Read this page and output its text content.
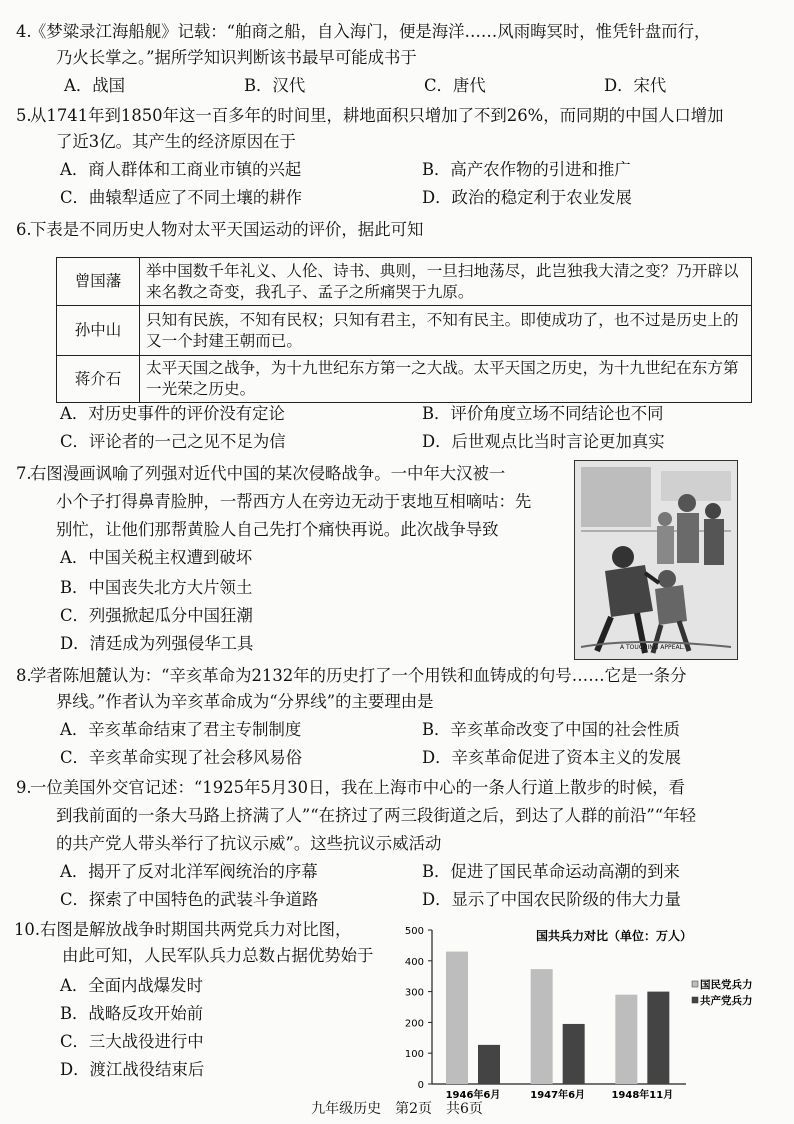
4.
《梦粱录江海船舰》记载：“舶商之船，自入海门，便是海洋……风雨晦冥时，惟凭针盘而行，
乃火长掌之。”据所学知识判断该书最早可能成书于
A．战国	B．汉代	C．唐代	D．宋代
5.
从1741年到1850年这一百多年的时间里，耕地面积只增加了不到26%，而同期的中国人口增加
了近3亿。其产生的经济原因在于
A．商人群体和工商业市镇的兴起	B．高产农作物的引进和推广
C．曲辕犁适应了不同土壤的耕作	D．政治的稳定利于农业发展
6.
下表是不同历史人物对太平天国运动的评价，据此可知
曾国藩	举中国数千年礼义、人伦、诗书、典则，一旦扫地荡尽，此岂独我大清之变？乃开辟以来名教之奇变，我孔子、孟子之所痛哭于九原。
孙中山	只知有民族，不知有民权；只知有君主，不知有民主。即使成功了，也不过是历史上的又一个封建王朝而已。
蒋介石	太平天国之战争，为十九世纪东方第一之大战。太平天国之历史，为十九世纪在东方第一光荣之历史。
A．对历史事件的评价没有定论	B．评价角度立场不同结论也不同
C．评论者的一己之见不足为信	D．后世观点比当时言论更加真实
7.
右图漫画讽喻了列强对近代中国的某次侵略战争。一中年大汉被一
小个子打得鼻青脸肿，一帮西方人在旁边无动于衷地互相嘀咕：先
别忙，让他们那帮黄脸人自己先打个痛快再说。此次战争导致
A．中国关税主权遭到破坏
B．中国丧失北方大片领土
C．列强掀起瓜分中国狂潮
D．清廷成为列强侵华工具	A TOUCHING APPEAL.
8.
学者陈旭麓认为：“辛亥革命为2132年的历史打了一个用铁和血铸成的句号……它是一条分
界线。”作者认为辛亥革命成为“分界线”的主要理由是
A．辛亥革命结束了君主专制制度	B．辛亥革命改变了中国的社会性质
C．辛亥革命实现了社会移风易俗	D．辛亥革命促进了资本主义的发展
9.
一位美国外交官记述：“1925年5月30日，我在上海市中心的一条人行道上散步的时候，看
到我前面的一条大马路上挤满了人”“在挤过了两三段街道之后，到达了人群的前沿”“年轻
的共产党人带头举行了抗议示威”。这些抗议示威活动
A．揭开了反对北洋军阀统治的序幕	B．促进了国民革命运动高潮的到来
C．探索了中国特色的武装斗争道路	D．显示了中国农民阶级的伟大力量
10. 右图是解放战争时期国共两党兵力对比图，
由此可知，人民军队兵力总数占据优势始于
A．全面内战爆发时
B．战略反攻开始前
C．三大战役进行中
D．渡江战役结束后
0
100
200
300
400
500
1946年6月	1947年6月	1948年11月
国民党兵力
共产党兵力
国共兵力对比（单位：万人）
九年级历史　第2页　共6页
